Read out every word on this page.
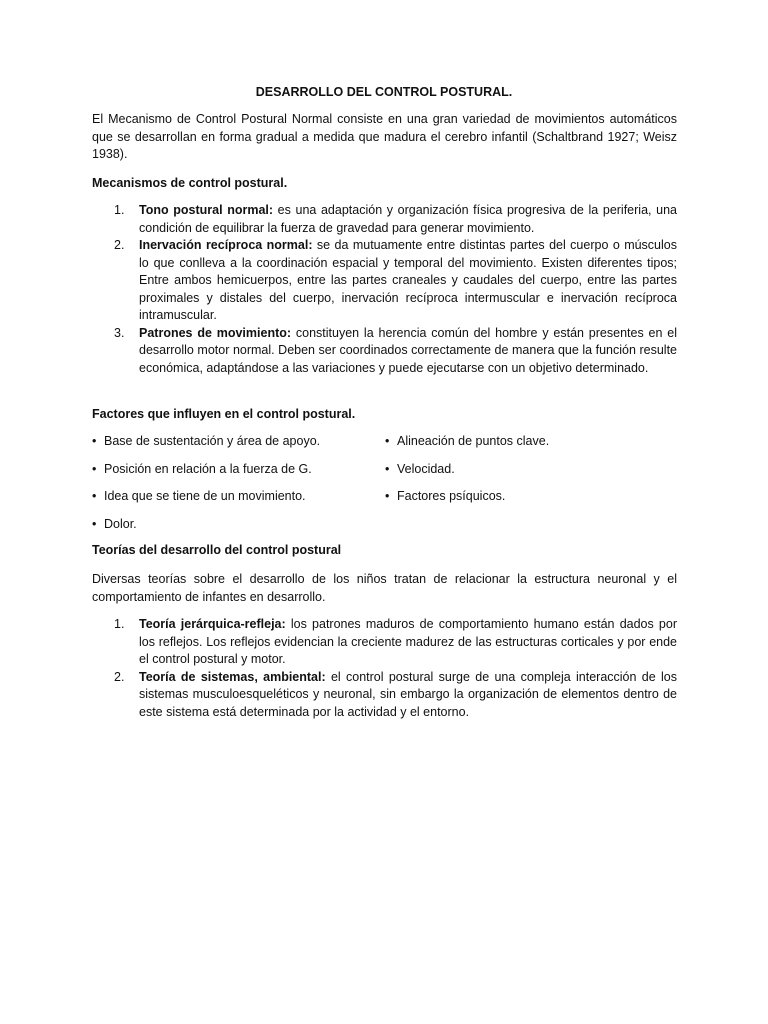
DESARROLLO DEL CONTROL POSTURAL.

El Mecanismo de Control Postural Normal consiste en una gran variedad de movimientos automáticos que se desarrollan en forma gradual a medida que madura el cerebro infantil (Schaltbrand 1927; Weisz 1938).

Mecanismos de control postural.

1. Tono postural normal: es una adaptación y organización física progresiva de la periferia, una condición de equilibrar la fuerza de gravedad para generar movimiento.
2. Inervación recíproca normal: se da mutuamente entre distintas partes del cuerpo o músculos lo que conlleva a la coordinación espacial y temporal del movimiento. Existen diferentes tipos; Entre ambos hemicuerpos, entre las partes craneales y caudales del cuerpo, entre las partes proximales y distales del cuerpo, inervación recíproca intermuscular e inervación recíproca intramuscular.
3. Patrones de movimiento: constituyen la herencia común del hombre y están presentes en el desarrollo motor normal. Deben ser coordinados correctamente de manera que la función resulte económica, adaptándose a las variaciones y puede ejecutarse con un objetivo determinado.

Factores que influyen en el control postural.

• Base de sustentación y área de apoyo.	• Alineación de puntos clave.
• Posición en relación a la fuerza de G.	• Velocidad.
• Idea que se tiene de un movimiento.	• Factores psíquicos.
• Dolor.

Teorías del desarrollo del control postural

Diversas teorías sobre el desarrollo de los niños tratan de relacionar la estructura neuronal y el comportamiento de infantes en desarrollo.

1. Teoría jerárquica-refleja: los patrones maduros de comportamiento humano están dados por los reflejos. Los reflejos evidencian la creciente madurez de las estructuras corticales y por ende el control postural y motor.
2. Teoría de sistemas, ambiental: el control postural surge de una compleja interacción de los sistemas musculoesqueléticos y neuronal, sin embargo la organización de elementos dentro de este sistema está determinada por la actividad y el entorno.
